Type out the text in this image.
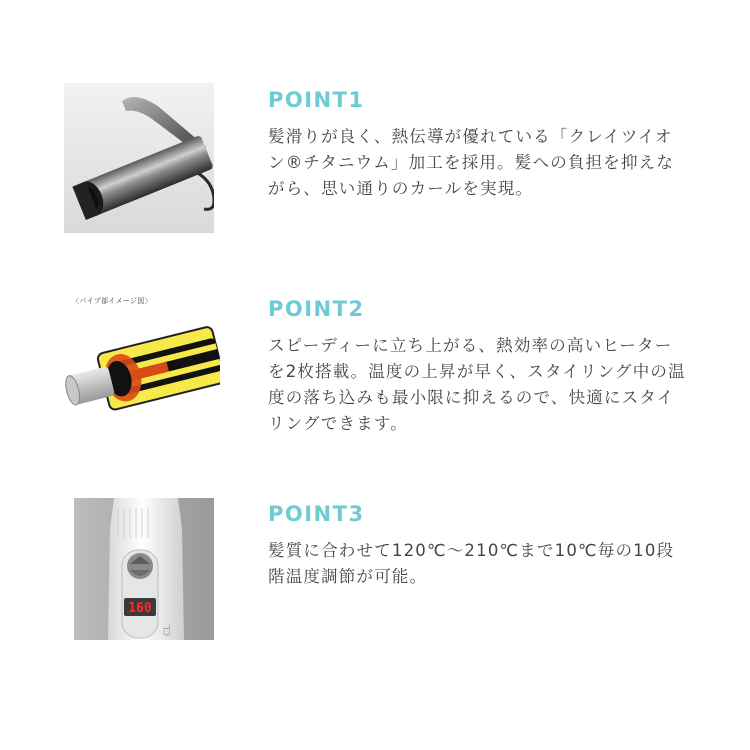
POINT1

髪滑りが良く、熱伝導が優れている「クレイツイオン®チタニウム」加工を採用。髪への負担を抑えながら、思い通りのカールを実現。

〈パイプ部イメージ図〉	POINT2

スピーディーに立ち上がる、熱効率の高いヒーターを2枚搭載。温度の上昇が早く、スタイリング中の温度の落ち込みも最小限に抑えるので、快適にスタイリングできます。

160
CL
POINT3

髪質に合わせて120℃～210℃まで10℃毎の10段階温度調節が可能。
